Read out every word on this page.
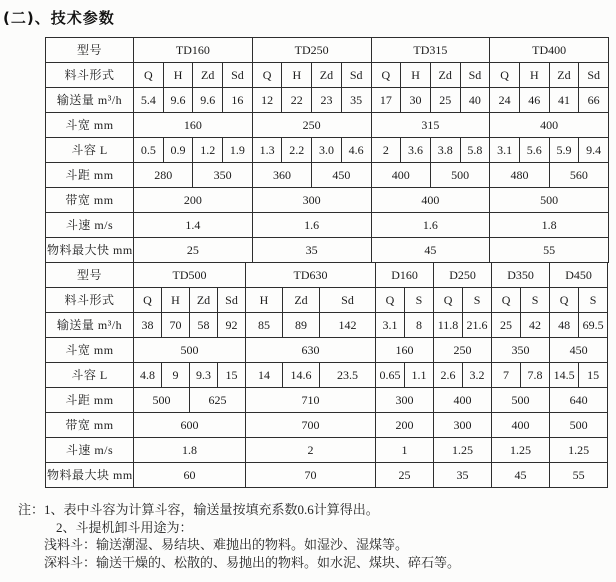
(二)、技术参数
型号	TD160				TD250				TD315				TD400			
料斗形式	Q	H	Zd	Sd	Q	H	Zd	Sd	Q	H	Zd	Sd	Q	H	Zd	Sd
输送量 m³/h	5.4	9.6	9.6	16	12	22	23	35	17	30	25	40	24	46	41	66
斗宽 mm	160				250				315				400			
斗容 L	0.5	0.9	1.2	1.9	1.3	2.2	3.0	4.6	2	3.6	3.8	5.8	3.1	5.6	5.9	9.4
斗距 mm	280		350		360		450		400		500		480		560	
带宽 mm	200				300				400				500			
斗速 m/s	1.4				1.6				1.6				1.8			
物料最大快 mm	25				35				45				55			
型号	TD500				TD630			D160		D250		D350		D450	
料斗形式	Q	H	Zd	Sd	H	Zd	Sd	Q	S	Q	S	Q	S	Q	S
输送量 m³/h	38	70	58	92	85	89	142	3.1	8	11.8	21.6	25	42	48	69.5
斗宽 mm	500				630			160		250		350		450	
斗容 L	4.8	9	9.3	15	14	14.6	23.5	0.65	1.1	2.6	3.2	7	7.8	14.5	15
斗距 mm	500		625		710			300		400		500		640	
带宽 mm	600				700			200		300		400		500	
斗速 m/s	1.8				2			1		1.25		1.25		1.25	
物料最大块 mm	60				70			25		35		45		55	
注： 1、表中斗容为计算斗容，输送量按填充系数0.6计算得出。
2、斗提机卸斗用途为：
浅料斗：输送潮湿、易结块、难抛出的物料。如湿沙、湿煤等。
深料斗：输送干燥的、松散的、易抛出的物料。如水泥、煤块、碎石等。
